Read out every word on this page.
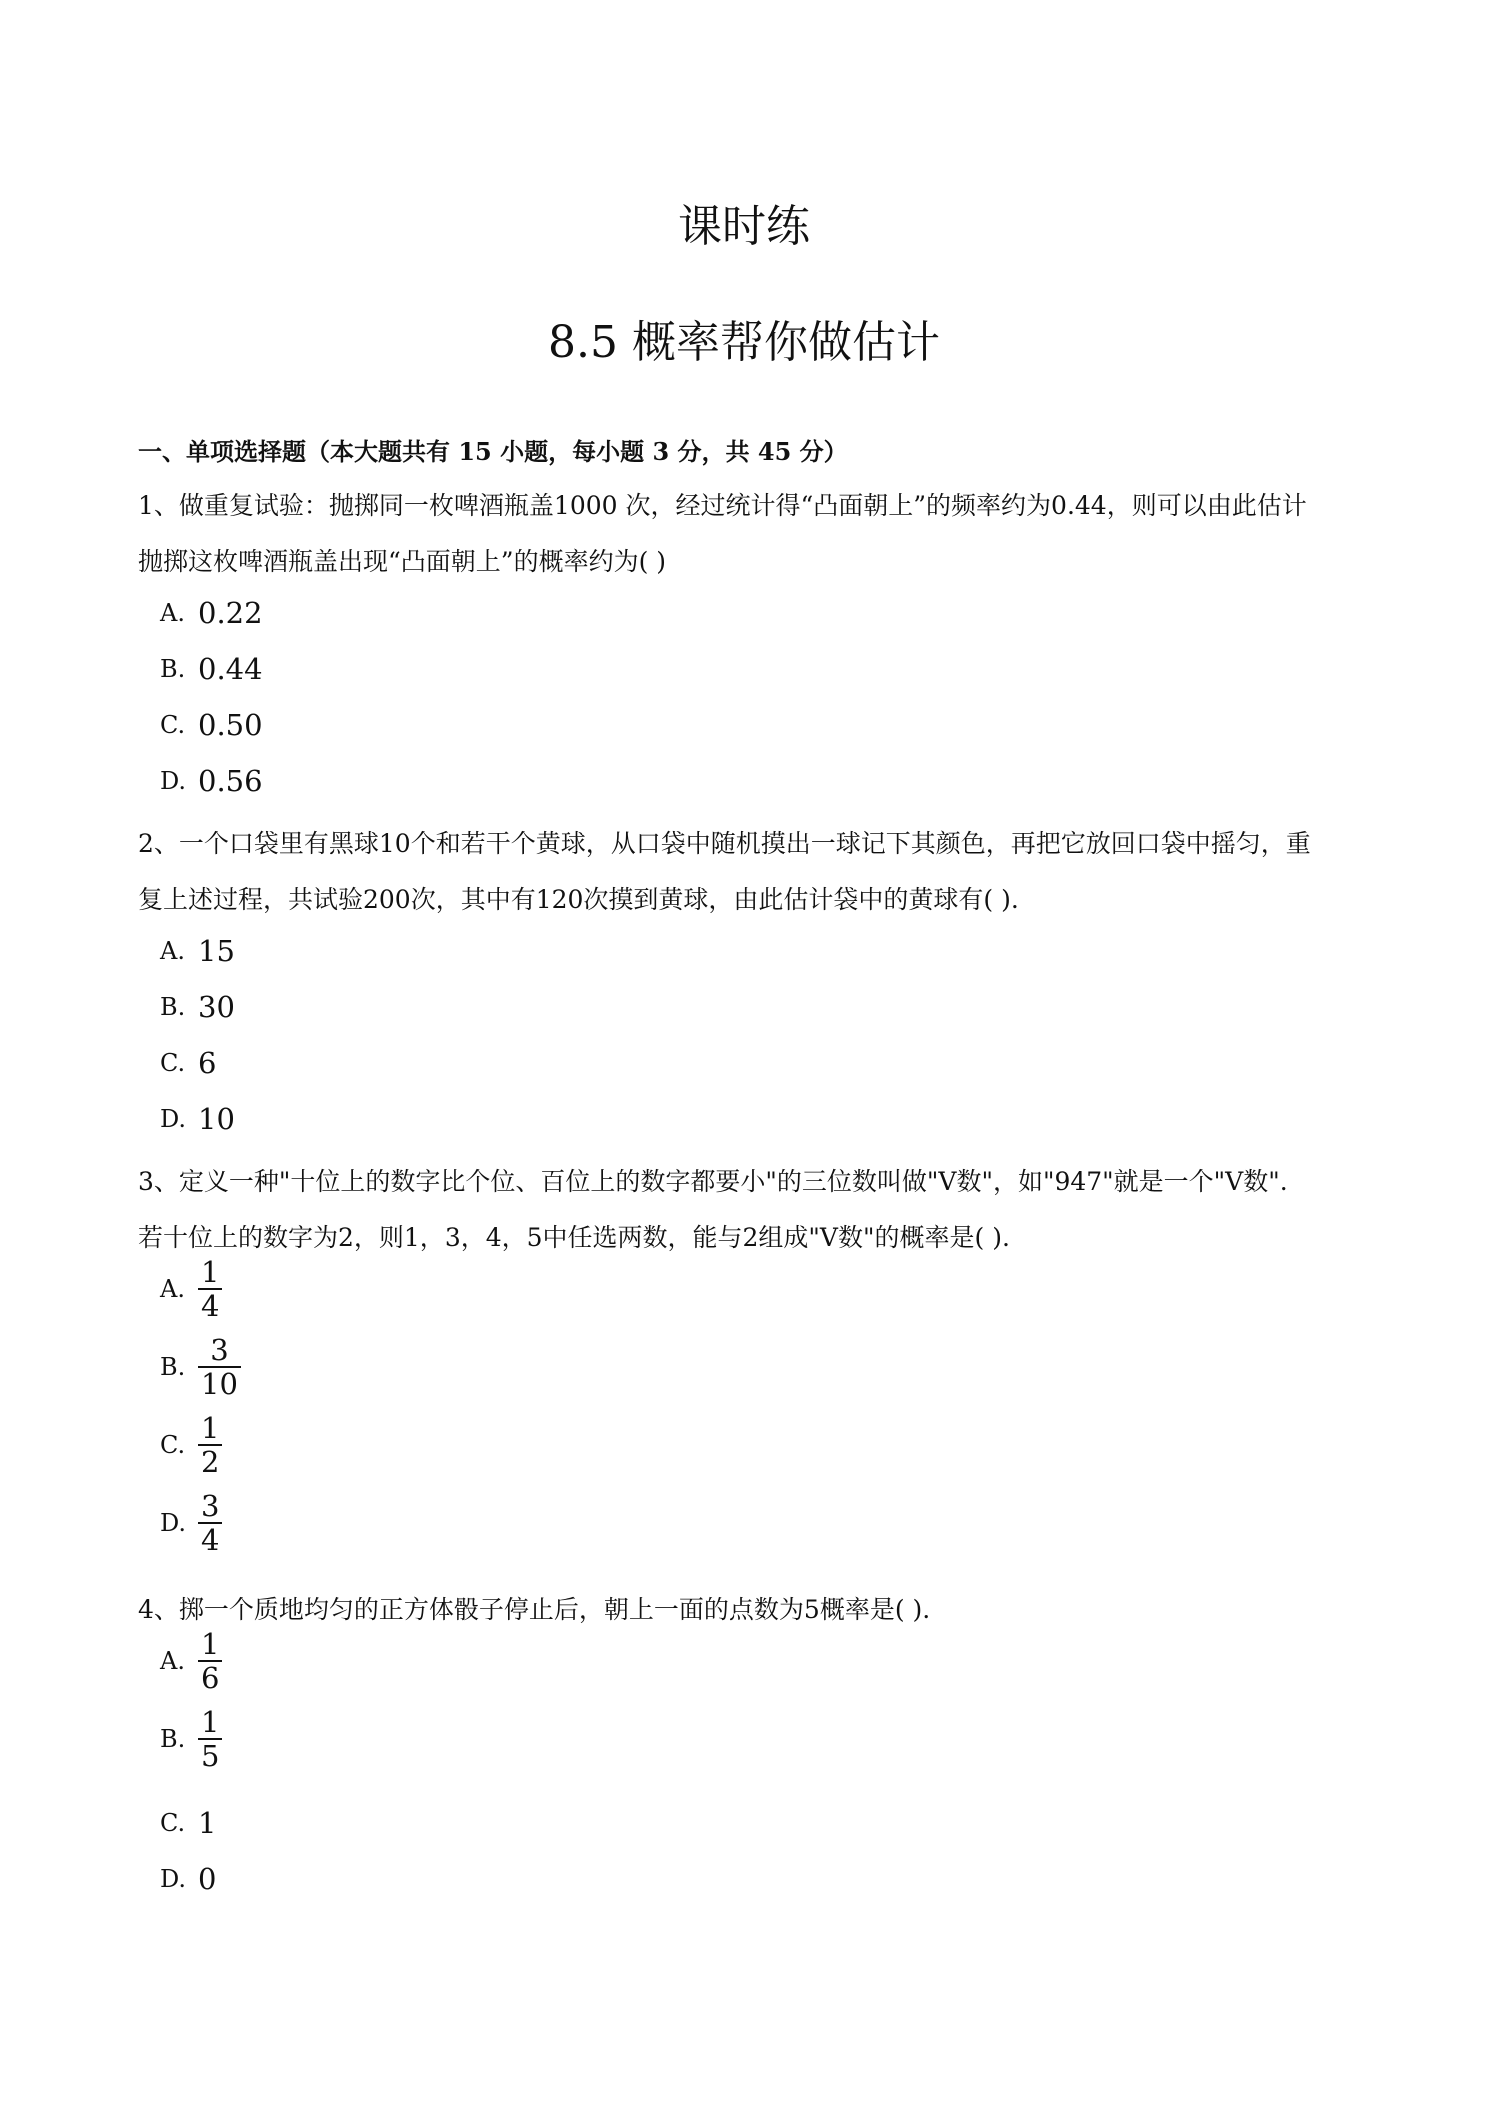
课时练
8.5 概率帮你做估计
一、单项选择题（本大题共有 15 小题，每小题 3 分，共 45 分）
1、做重复试验：抛掷同一枚啤酒瓶盖1000 次，经过统计得“凸面朝上”的频率约为0.44，则可以由此估计
抛掷这枚啤酒瓶盖出现“凸面朝上”的概率约为( )
A. 0.22
B. 0.44
C. 0.50
D. 0.56
2、一个口袋里有黑球10个和若干个黄球，从口袋中随机摸出一球记下其颜色，再把它放回口袋中摇匀，重
复上述过程，共试验200次，其中有120次摸到黄球，由此估计袋中的黄球有( ).
A. 15
B. 30
C. 6
D. 10
3、定义一种"十位上的数字比个位、百位上的数字都要小"的三位数叫做"V数"，如"947"就是一个"V数".
若十位上的数字为2，则1，3，4，5中任选两数，能与2组成"V数"的概率是( ).
A. $\frac{1}{4}$
B. $\frac{3}{10}$
C. $\frac{1}{2}$
D. $\frac{3}{4}$
4、掷一个质地均匀的正方体骰子停止后，朝上一面的点数为5概率是( ).
A. $\frac{1}{6}$
B. $\frac{1}{5}$
C. 1
D. 0
